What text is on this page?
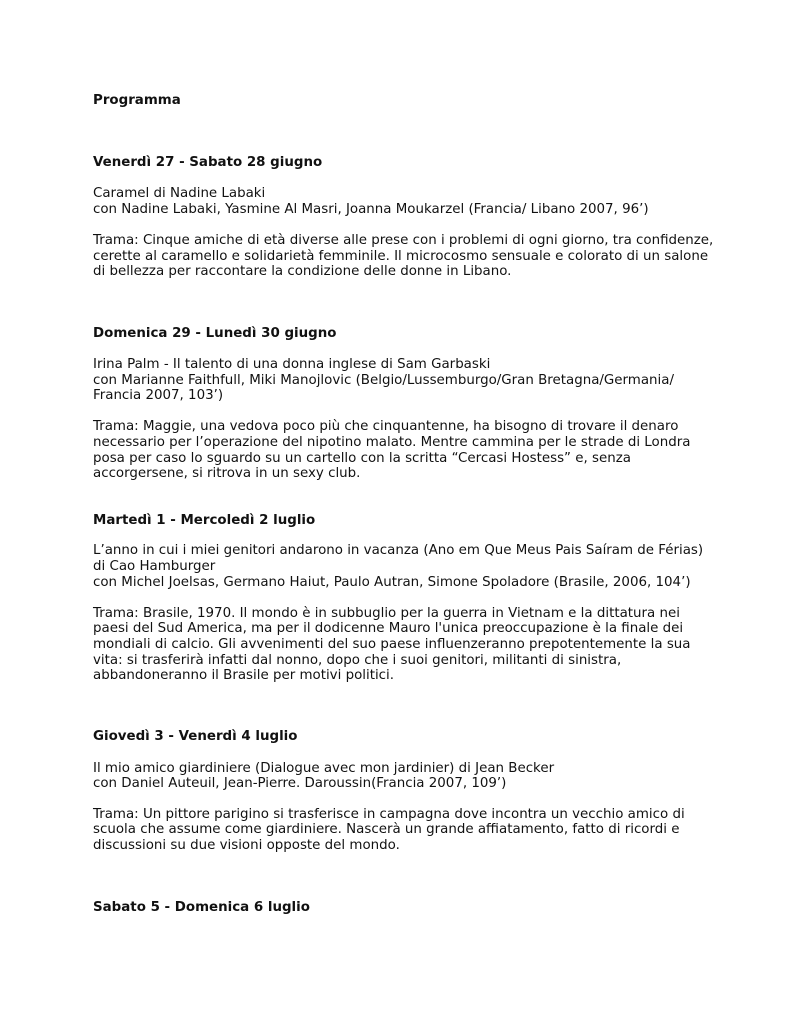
Programma
Venerdì 27 - Sabato 28 giugno
Caramel di Nadine Labaki
con Nadine Labaki, Yasmine Al Masri, Joanna Moukarzel (Francia/ Libano 2007, 96’)
Trama: Cinque amiche di età diverse alle prese con i problemi di ogni giorno, tra confidenze,
cerette al caramello e solidarietà femminile. Il microcosmo sensuale e colorato di un salone
di bellezza per raccontare la condizione delle donne in Libano.
Domenica 29 - Lunedì 30 giugno
Irina Palm - Il talento di una donna inglese di Sam Garbaski
con Marianne Faithfull, Miki Manojlovic (Belgio/Lussemburgo/Gran Bretagna/Germania/
Francia 2007, 103’)
Trama: Maggie, una vedova poco più che cinquantenne, ha bisogno di trovare il denaro
necessario per l’operazione del nipotino malato. Mentre cammina per le strade di Londra
posa per caso lo sguardo su un cartello con la scritta “Cercasi Hostess” e, senza
accorgersene, si ritrova in un sexy club.
Martedì 1 - Mercoledì 2 luglio
L’anno in cui i miei genitori andarono in vacanza (Ano em Que Meus Pais Saíram de Férias)
di Cao Hamburger
con Michel Joelsas, Germano Haiut, Paulo Autran, Simone Spoladore (Brasile, 2006, 104’)
Trama: Brasile, 1970. Il mondo è in subbuglio per la guerra in Vietnam e la dittatura nei
paesi del Sud America, ma per il dodicenne Mauro l'unica preoccupazione è la finale dei
mondiali di calcio. Gli avvenimenti del suo paese influenzeranno prepotentemente la sua
vita: si trasferirà infatti dal nonno, dopo che i suoi genitori, militanti di sinistra,
abbandoneranno il Brasile per motivi politici.
Giovedì 3 - Venerdì 4 luglio
Il mio amico giardiniere (Dialogue avec mon jardinier) di Jean Becker
con Daniel Auteuil, Jean-Pierre. Daroussin(Francia 2007, 109’)
Trama: Un pittore parigino si trasferisce in campagna dove incontra un vecchio amico di
scuola che assume come giardiniere. Nascerà un grande affiatamento, fatto di ricordi e
discussioni su due visioni opposte del mondo.
Sabato 5 - Domenica 6 luglio
